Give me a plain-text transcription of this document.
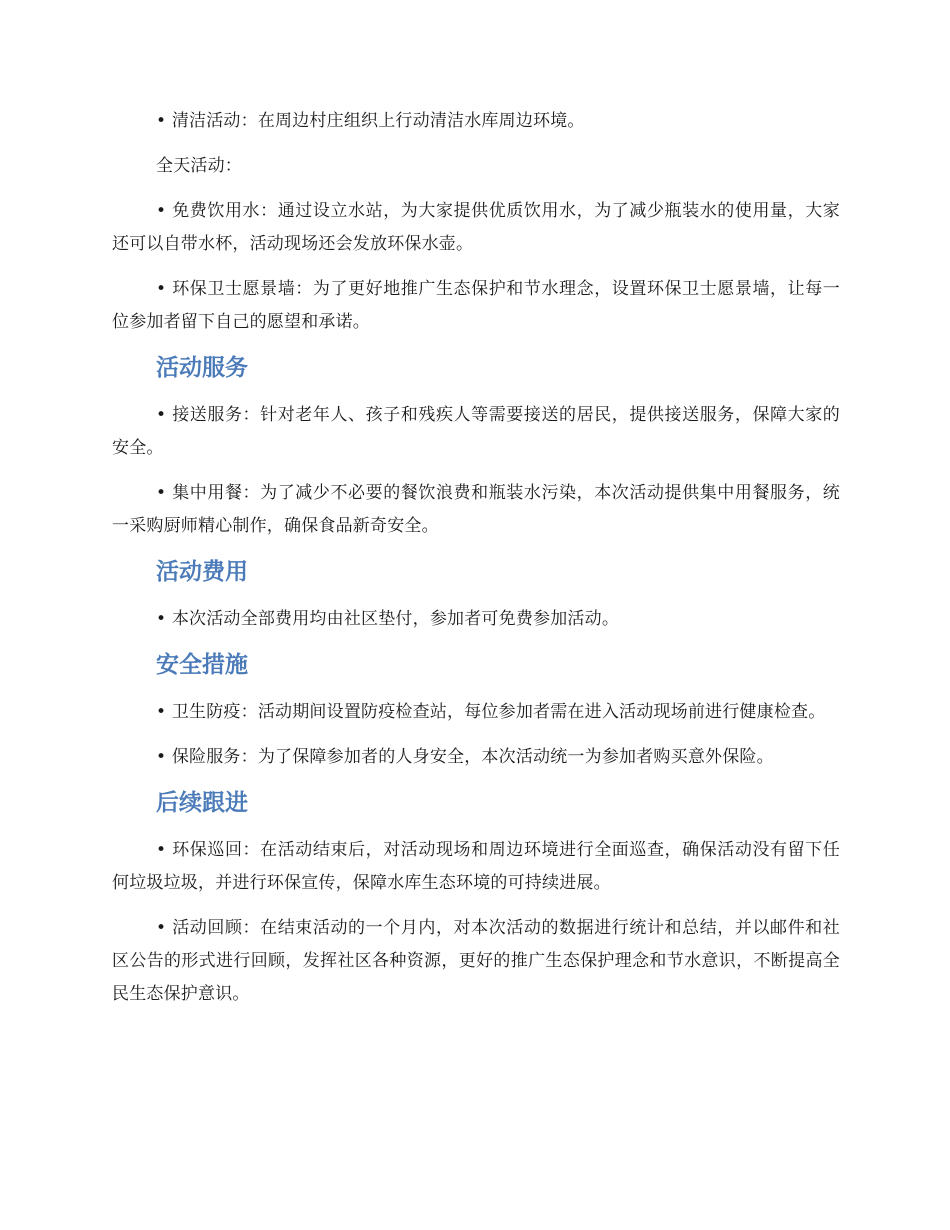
• 清洁活动：在周边村庄组织上行动清洁水库周边环境。

全天活动：

• 免费饮用水：通过设立水站，为大家提供优质饮用水，为了减少瓶装水的使用量，大家还可以自带水杯，活动现场还会发放环保水壶。

• 环保卫士愿景墙：为了更好地推广生态保护和节水理念，设置环保卫士愿景墙，让每一位参加者留下自己的愿望和承诺。

活动服务

• 接送服务：针对老年人、孩子和残疾人等需要接送的居民，提供接送服务，保障大家的安全。

• 集中用餐：为了减少不必要的餐饮浪费和瓶装水污染，本次活动提供集中用餐服务，统一采购厨师精心制作，确保食品新奇安全。

活动费用

• 本次活动全部费用均由社区垫付，参加者可免费参加活动。

安全措施

• 卫生防疫：活动期间设置防疫检查站，每位参加者需在进入活动现场前进行健康检查。

• 保险服务：为了保障参加者的人身安全，本次活动统一为参加者购买意外保险。

后续跟进

• 环保巡回：在活动结束后，对活动现场和周边环境进行全面巡查，确保活动没有留下任何垃圾垃圾，并进行环保宣传，保障水库生态环境的可持续进展。

• 活动回顾：在结束活动的一个月内，对本次活动的数据进行统计和总结，并以邮件和社区公告的形式进行回顾，发挥社区各种资源，更好的推广生态保护理念和节水意识，不断提高全民生态保护意识。
